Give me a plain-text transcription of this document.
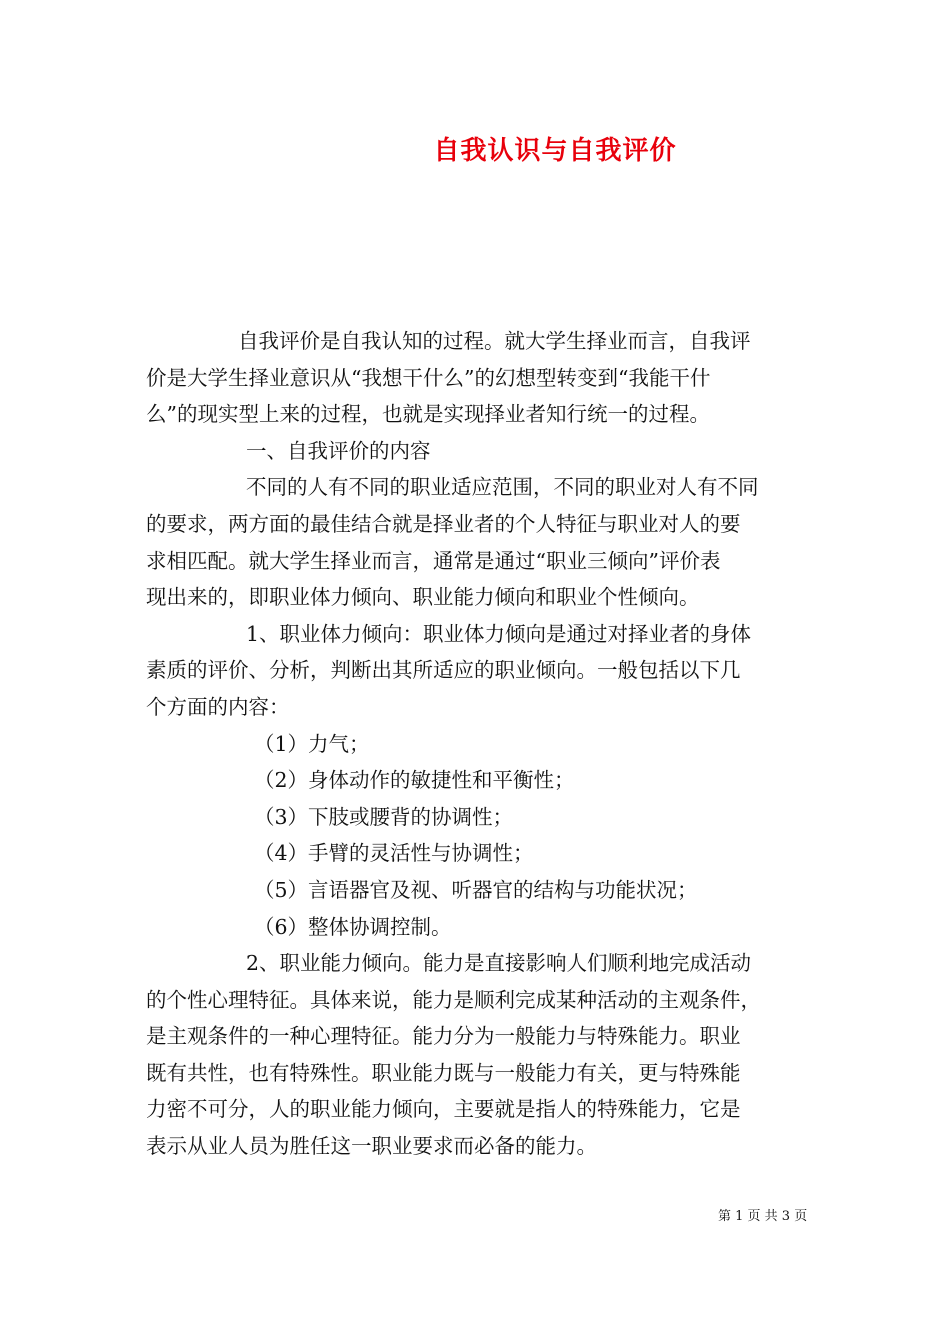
自我认识与自我评价
自我评价是自我认知的过程。就大学生择业而言，自我评
价是大学生择业意识从“我想干什么”的幻想型转变到“我能干什
么”的现实型上来的过程，也就是实现择业者知行统一的过程。
一、自我评价的内容
不同的人有不同的职业适应范围，不同的职业对人有不同
的要求，两方面的最佳结合就是择业者的个人特征与职业对人的要
求相匹配。就大学生择业而言，通常是通过“职业三倾向”评价表
现出来的，即职业体力倾向、职业能力倾向和职业个性倾向。
1、职业体力倾向：职业体力倾向是通过对择业者的身体
素质的评价、分析，判断出其所适应的职业倾向。一般包括以下几
个方面的内容：
（1）力气；
（2）身体动作的敏捷性和平衡性；
（3）下肢或腰背的协调性；
（4）手臂的灵活性与协调性；
（5）言语器官及视、听器官的结构与功能状况；
（6）整体协调控制。
2、职业能力倾向。能力是直接影响人们顺利地完成活动
的个性心理特征。具体来说，能力是顺利完成某种活动的主观条件，
是主观条件的一种心理特征。能力分为一般能力与特殊能力。职业
既有共性，也有特殊性。职业能力既与一般能力有关，更与特殊能
力密不可分，人的职业能力倾向，主要就是指人的特殊能力，它是
表示从业人员为胜任这一职业要求而必备的能力。
第 1 页 共 3 页
